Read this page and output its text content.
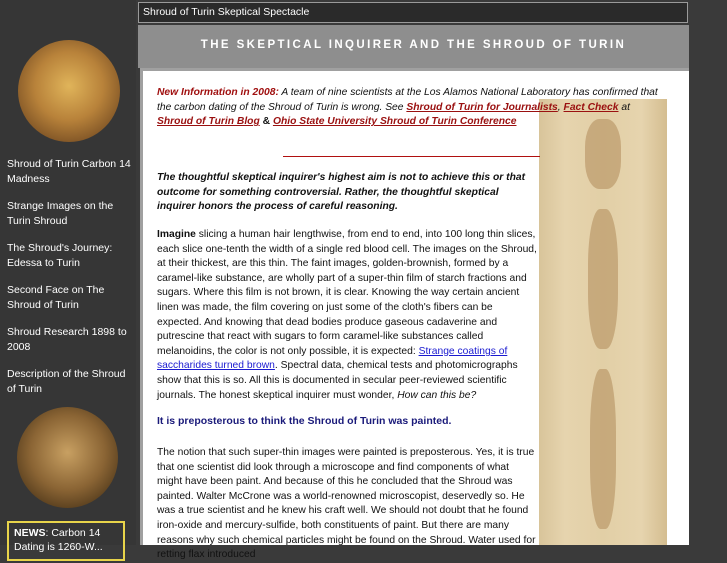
Shroud of Turin Carbon 14 Madness
Strange Images on the Turin Shroud
The Shroud's Journey: Edessa to Turin
Second Face on The Shroud of Turin
Shroud Research 1898 to 2008
Description of the Shroud of Turin
NEWS: Carbon 14 Dating is 1260-W...
Shroud of Turin Skeptical Spectacle
THE SKEPTICAL INQUIRER AND THE SHROUD OF TURIN
New Information in 2008: A team of nine scientists at the Los Alamos National Laboratory has confirmed that the carbon dating of the Shroud of Turin is wrong. See Shroud of Turin for Journalists, Fact Check at Shroud of Turin Blog & Ohio State University Shroud of Turin Conference
The thoughtful skeptical inquirer's highest aim is not to achieve this or that outcome for something controversial. Rather, the thoughtful skeptical inquirer honors the process of careful reasoning.
Imagine slicing a human hair lengthwise, from end to end, into 100 long thin slices, each slice one-tenth the width of a single red blood cell. The images on the Shroud, at their thickest, are this thin. The faint images, golden-brownish, formed by a caramel-like substance, are wholly part of a super-thin film of starch fractions and sugars. Where this film is not brown, it is clear. Knowing the way certain ancient linen was made, the film covering on just some of the cloth's fibers can be expected. And knowing that dead bodies produce gaseous cadaverine and putrescine that react with sugars to form caramel-like substances called melanoidins, the color is not only possible, it is expected: Strange coatings of saccharides turned brown. Spectral data, chemical tests and photomicrographs show that this is so. All this is documented in secular peer-reviewed scientific journals. The honest skeptical inquirer must wonder, How can this be?
It is preposterous to think the Shroud of Turin was painted.
The notion that such super-thin images were painted is preposterous. Yes, it is true that one scientist did look through a microscope and find components of what might have been paint. And because of this he concluded that the Shroud was painted. Walter McCrone was a world-renowned microscopist, deservedly so. He was a true scientist and he knew his craft well. We should not doubt that he found iron-oxide and mercury-sulfide, both constituents of paint. But there are many reasons why such chemical particles might be found on the Shroud. Water used for retting flax introduced
